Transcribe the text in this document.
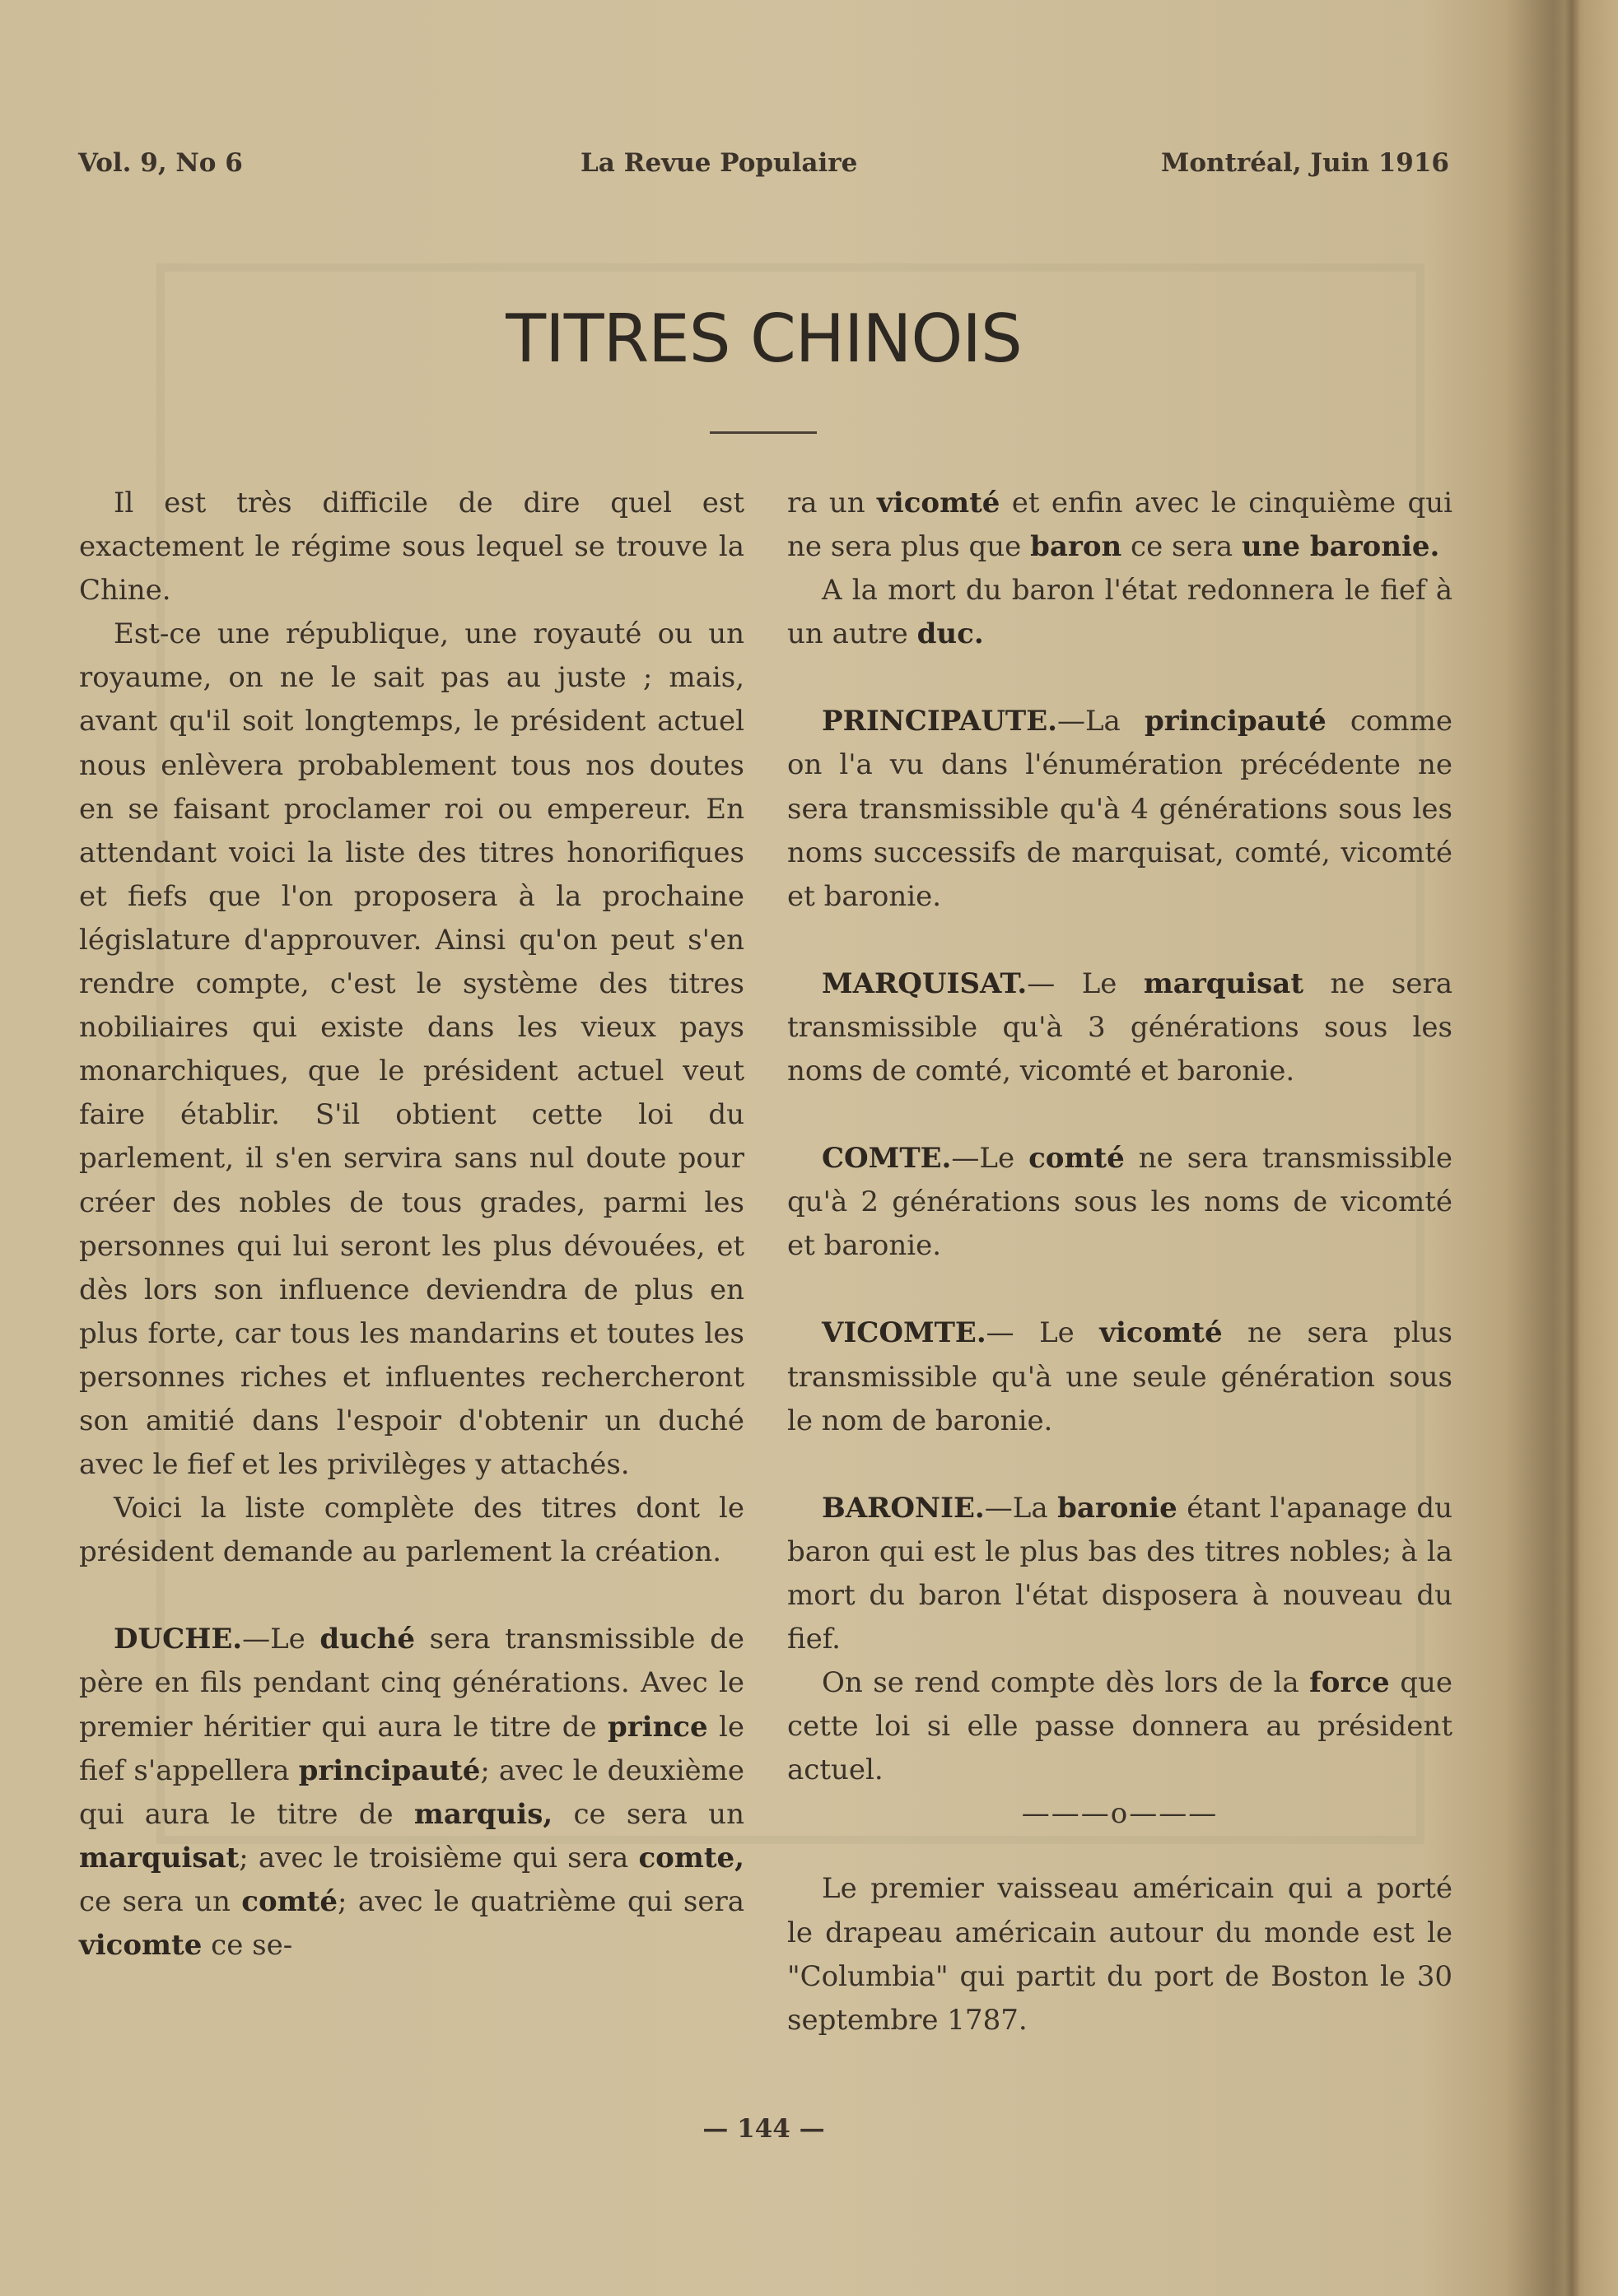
Vol. 9, No 6	La Revue Populaire	Montréal, Juin 1916
TITRES CHINOIS

Il est très difficile de dire quel est exactement le régime sous lequel se trouve la Chine.

Est-ce une république, une royauté ou un royaume, on ne le sait pas au juste ; mais, avant qu'il soit longtemps, le président actuel nous enlèvera probablement tous nos doutes en se faisant proclamer roi ou empereur. En attendant voici la liste des titres honorifiques et fiefs que l'on proposera à la prochaine législature d'approuver. Ainsi qu'on peut s'en rendre compte, c'est le système des titres nobiliaires qui existe dans les vieux pays monarchiques, que le président actuel veut faire établir. S'il obtient cette loi du parlement, il s'en servira sans nul doute pour créer des nobles de tous grades, parmi les personnes qui lui seront les plus dévouées, et dès lors son influence deviendra de plus en plus forte, car tous les mandarins et toutes les personnes riches et influentes rechercheront son amitié dans l'espoir d'obtenir un duché avec le fief et les privilèges y attachés.

Voici la liste complète des titres dont le président demande au parlement la création.

DUCHE.—Le duché sera transmissible de père en fils pendant cinq générations. Avec le premier héritier qui aura le titre de prince le fief s'appellera principauté; avec le deuxième qui aura le titre de marquis, ce sera un marquisat; avec le troisième qui sera comte, ce sera un comté; avec le quatrième qui sera vicomte ce se-

ra un vicomté et enfin avec le cinquième qui ne sera plus que baron ce sera une baronie.

A la mort du baron l'état redonnera le fief à un autre duc.

PRINCIPAUTE.—La principauté comme on l'a vu dans l'énumération précédente ne sera transmissible qu'à 4 générations sous les noms successifs de marquisat, comté, vicomté et baronie.

MARQUISAT.— Le marquisat ne sera transmissible qu'à 3 générations sous les noms de comté, vicomté et baronie.

COMTE.—Le comté ne sera transmissible qu'à 2 générations sous les noms de vicomté et baronie.

VICOMTE.— Le vicomté ne sera plus transmissible qu'à une seule génération sous le nom de baronie.

BARONIE.—La baronie étant l'apanage du baron qui est le plus bas des titres nobles; à la mort du baron l'état disposera à nouveau du fief.

On se rend compte dès lors de la force que cette loi si elle passe donnera au président actuel.

———o———

Le premier vaisseau américain qui a porté le drapeau américain autour du monde est le "Columbia" qui partit du port de Boston le 30 septembre 1787.

— 144 —
